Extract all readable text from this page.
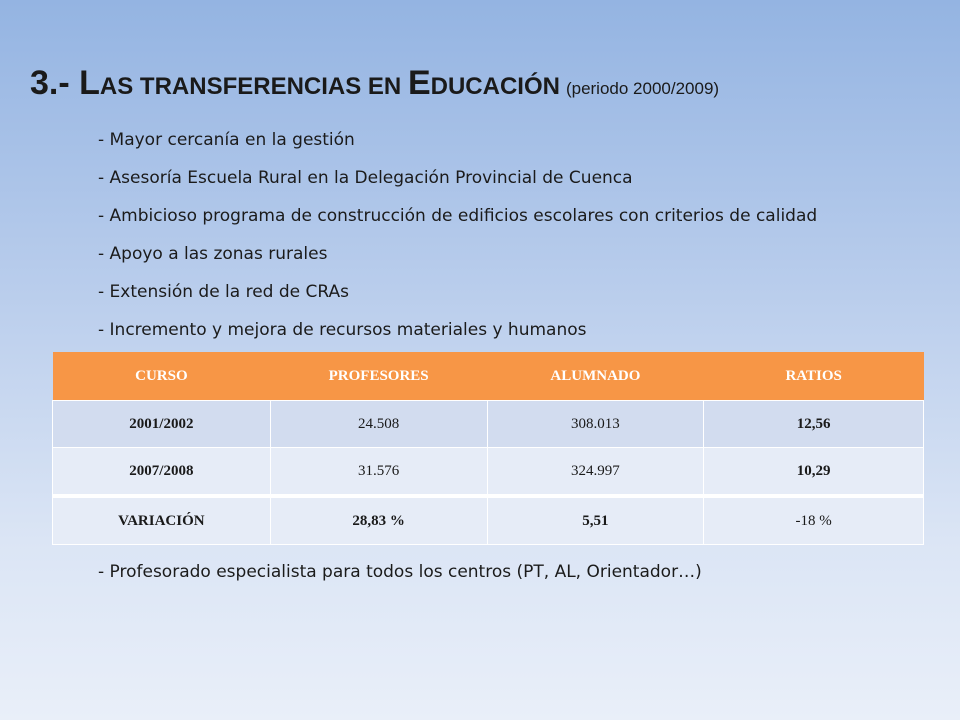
3.- LAS TRANSFERENCIAS EN EDUCACIÓN (periodo 2000/2009)
- Mayor cercanía en la gestión
- Asesoría Escuela Rural en la Delegación Provincial de Cuenca
- Ambicioso programa de construcción de edificios escolares con criterios de calidad
- Apoyo a las zonas rurales
- Extensión de la red de CRAs
- Incremento y mejora de recursos materiales y humanos
CURSO	PROFESORES	ALUMNADO	RATIOS
2001/2002	24.508	308.013	12,56
2007/2008	31.576	324.997	10,29
VARIACIÓN	28,83 %	5,51	-18 %
- Profesorado especialista para todos los centros (PT, AL, Orientador…)
